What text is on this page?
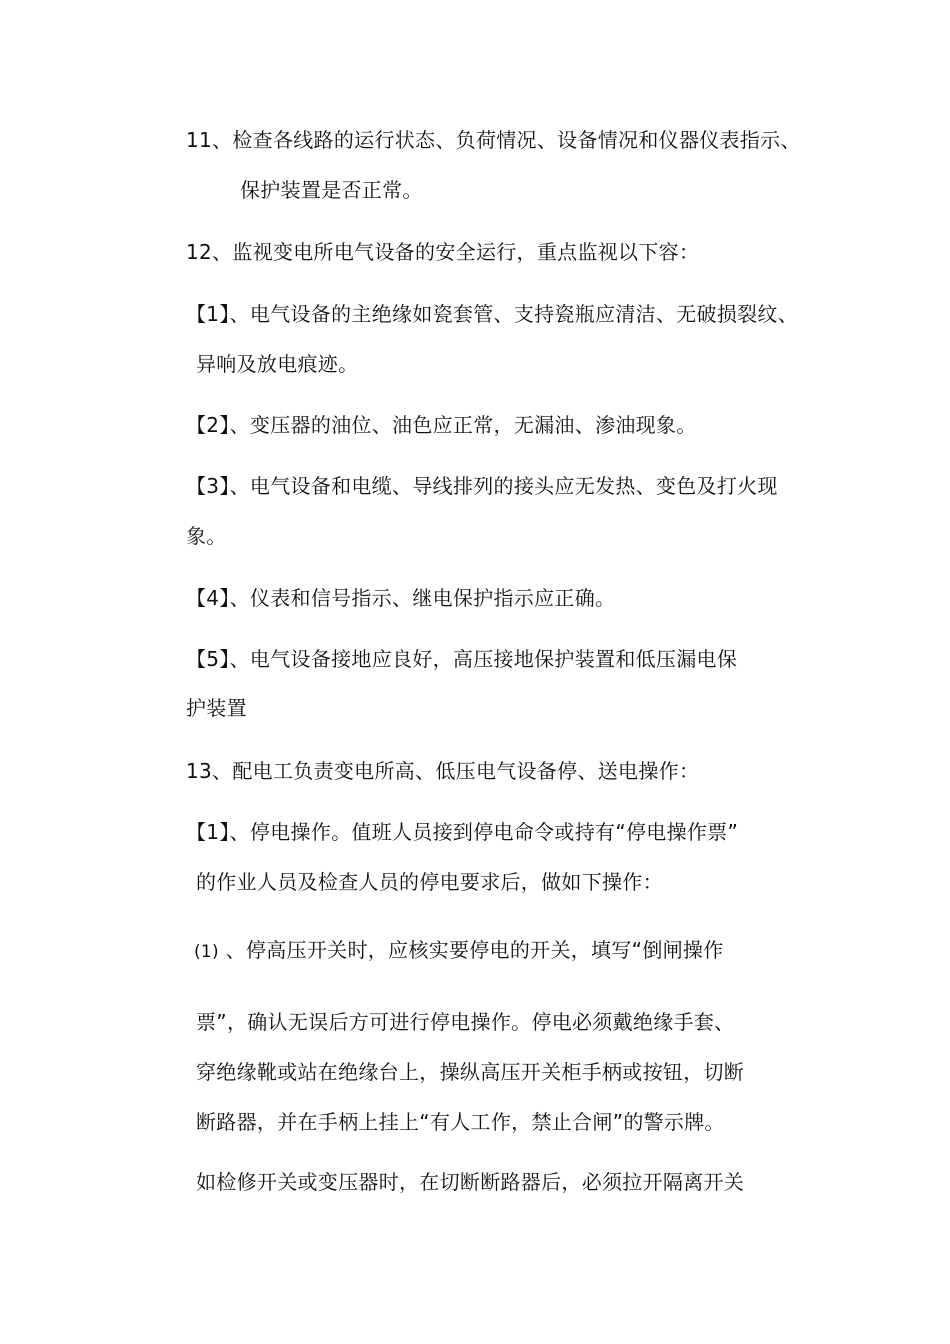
11、检查各线路的运行状态、负荷情况、设备情况和仪器仪表指示、
保护装置是否正常。
12、监视变电所电气设备的安全运行，重点监视以下容：
【1】、电气设备的主绝缘如瓷套管、支持瓷瓶应清洁、无破损裂纹、
异响及放电痕迹。
【2】、变压器的油位、油色应正常，无漏油、渗油现象。
【3】、电气设备和电缆、导线排列的接头应无发热、变色及打火现
象。
【4】、仪表和信号指示、继电保护指示应正确。
【5】、电气设备接地应良好，高压接地保护装置和低压漏电保
护装置
13、配电工负责变电所高、低压电气设备停、送电操作：
【1】、停电操作。值班人员接到停电命令或持有“停电操作票”
的作业人员及检查人员的停电要求后，做如下操作：
(1) 、停高压开关时，应核实要停电的开关，填写“倒闸操作
票”，确认无误后方可进行停电操作。停电必须戴绝缘手套、
穿绝缘靴或站在绝缘台上，操纵高压开关柜手柄或按钮，切断
断路器，并在手柄上挂上“有人工作，禁止合闸”的警示牌。
如检修开关或变压器时，在切断断路器后，必须拉开隔离开关
